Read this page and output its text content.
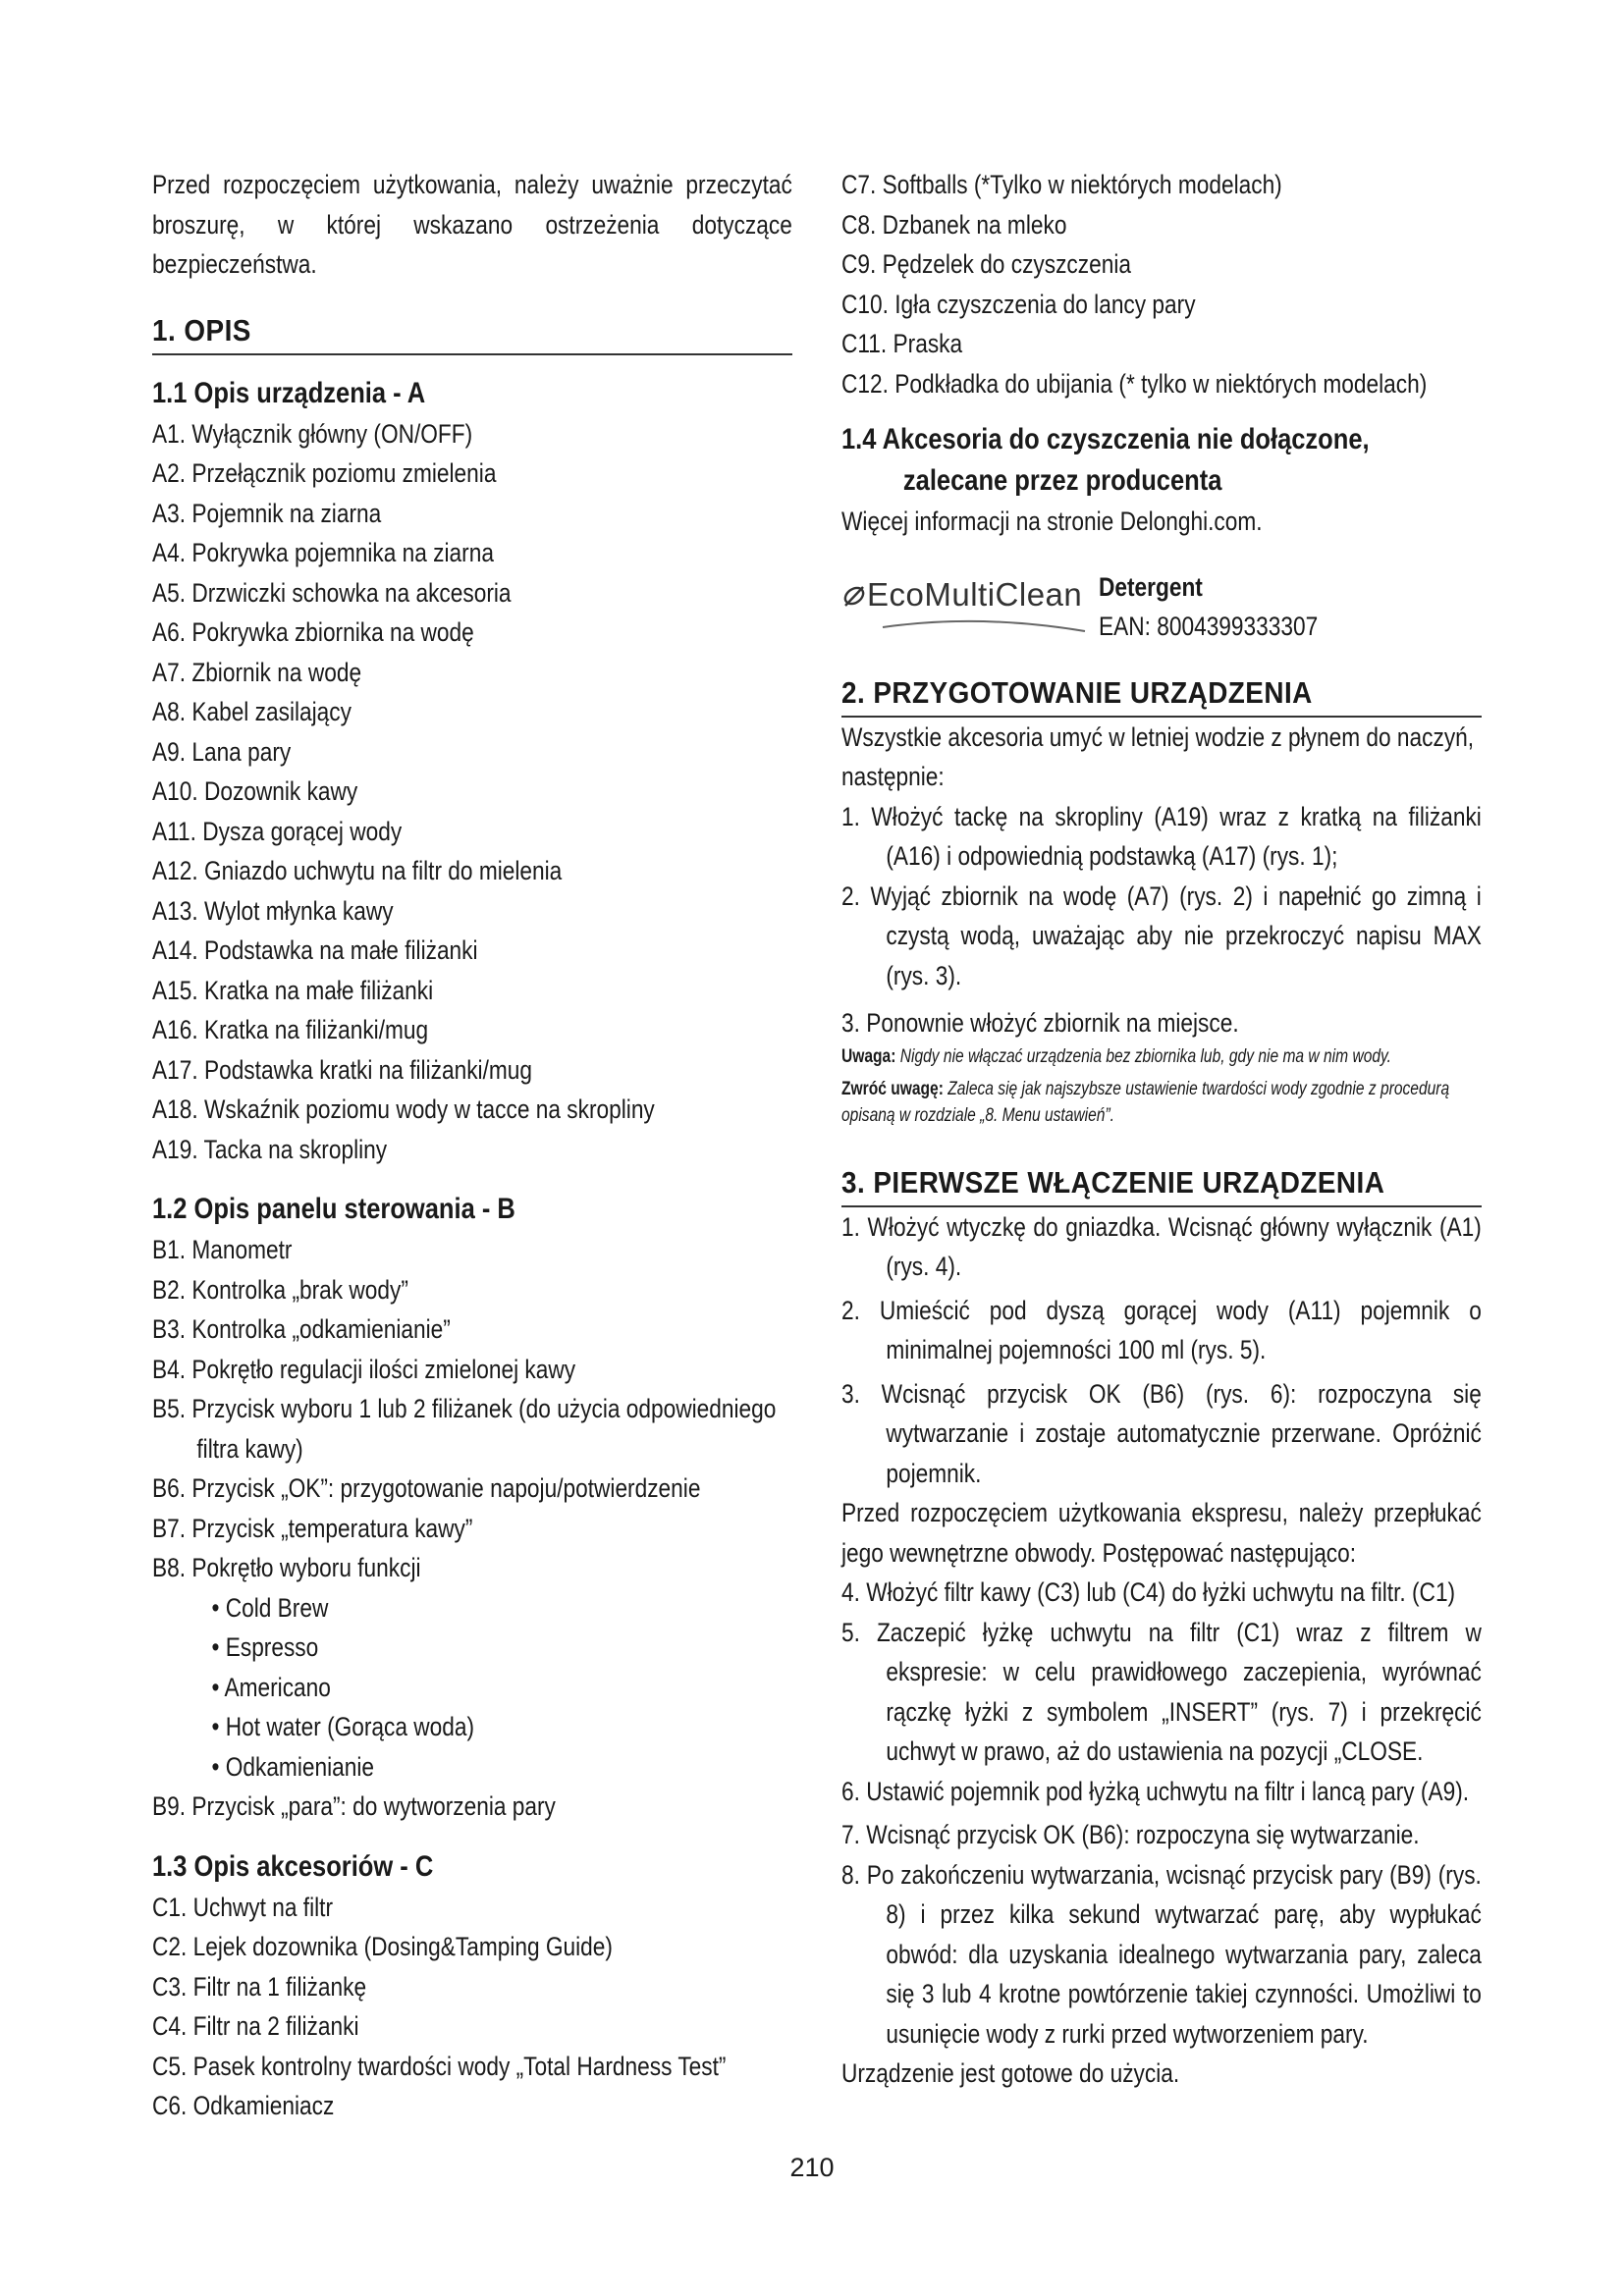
Przed rozpoczęciem użytkowania, należy uważnie przeczytać broszurę, w której wskazano ostrzeżenia dotyczące bezpieczeństwa.
1. OPIS
1.1 Opis urządzenia - A
A1. Wyłącznik główny (ON/OFF)
A2. Przełącznik poziomu zmielenia
A3. Pojemnik na ziarna
A4. Pokrywka pojemnika na ziarna
A5. Drzwiczki schowka na akcesoria
A6. Pokrywka zbiornika na wodę
A7. Zbiornik na wodę
A8. Kabel zasilający
A9. Lana pary
A10. Dozownik kawy
A11. Dysza gorącej wody
A12. Gniazdo uchwytu na filtr do mielenia
A13. Wylot młynka kawy
A14. Podstawka na małe filiżanki
A15. Kratka na małe filiżanki
A16. Kratka na filiżanki/mug
A17. Podstawka kratki na filiżanki/mug
A18. Wskaźnik poziomu wody w tacce na skropliny
A19. Tacka na skropliny
1.2 Opis panelu sterowania - B
B1. Manometr
B2. Kontrolka „brak wody”
B3. Kontrolka „odkamienianie”
B4. Pokrętło regulacji ilości zmielonej kawy
B5. Przycisk wyboru 1 lub 2 filiżanek (do użycia odpowiedniego
filtra kawy)
B6. Przycisk „OK”: przygotowanie napoju/potwierdzenie
B7. Przycisk „temperatura kawy”
B8. Pokrętło wyboru funkcji
• Cold Brew
• Espresso
• Americano
• Hot water (Gorąca woda)
• Odkamienianie
B9. Przycisk „para”: do wytworzenia pary
1.3 Opis akcesoriów - C
C1. Uchwyt na filtr
C2. Lejek dozownika (Dosing&Tamping Guide)
C3. Filtr na 1 filiżankę
C4. Filtr na 2 filiżanki
C5. Pasek kontrolny twardości wody „Total Hardness Test”
C6. Odkamieniacz
C7. Softballs (*Tylko w niektórych modelach)
C8. Dzbanek na mleko
C9. Pędzelek do czyszczenia
C10. Igła czyszczenia do lancy pary
C11. Praska
C12. Podkładka do ubijania (* tylko w niektórych modelach)
1.4 Akcesoria do czyszczenia nie dołączone,
zalecane przez producenta
Więcej informacji na stronie Delonghi.com.
EcoMultiClean Detergent
EAN: 8004399333307
2. PRZYGOTOWANIE URZĄDZENIA
Wszystkie akcesoria umyć w letniej wodzie z płynem do naczyń, następnie:
1. Włożyć tackę na skropliny (A19) wraz z kratką na filiżanki (A16) i odpowiednią podstawką (A17) (rys. 1);
2. Wyjąć zbiornik na wodę (A7) (rys. 2) i napełnić go zimną i czystą wodą, uważając aby nie przekroczyć napisu MAX (rys. 3).
3. Ponownie włożyć zbiornik na miejsce.
Uwaga: Nigdy nie włączać urządzenia bez zbiornika lub, gdy nie ma w nim wody.
Zwróć uwagę: Zaleca się jak najszybsze ustawienie twardości wody zgodnie z procedurą opisaną w rozdziale „8. Menu ustawień”.
3. PIERWSZE WŁĄCZENIE URZĄDZENIA
1. Włożyć wtyczkę do gniazdka. Wcisnąć główny wyłącznik (A1) (rys. 4).
2. Umieścić pod dyszą gorącej wody (A11) pojemnik o minimalnej pojemności 100 ml (rys. 5).
3. Wcisnąć przycisk OK (B6) (rys. 6): rozpoczyna się wytwarzanie i zostaje automatycznie przerwane. Opróżnić pojemnik.
Przed rozpoczęciem użytkowania ekspresu, należy przepłukać jego wewnętrzne obwody. Postępować następująco:
4. Włożyć filtr kawy (C3) lub (C4) do łyżki uchwytu na filtr. (C1)
5. Zaczepić łyżkę uchwytu na filtr (C1) wraz z filtrem w ekspresie: w celu prawidłowego zaczepienia, wyrównać rączkę łyżki z symbolem „INSERT” (rys. 7) i przekręcić uchwyt w prawo, aż do ustawienia na pozycji „CLOSE.
6. Ustawić pojemnik pod łyżką uchwytu na filtr i lancą pary (A9).
7. Wcisnąć przycisk OK (B6): rozpoczyna się wytwarzanie.
8. Po zakończeniu wytwarzania, wcisnąć przycisk pary (B9) (rys. 8) i przez kilka sekund wytwarzać parę, aby wypłukać obwód: dla uzyskania idealnego wytwarzania pary, zaleca się 3 lub 4 krotne powtórzenie takiej czynności. Umożliwi to usunięcie wody z rurki przed wytworzeniem pary.
Urządzenie jest gotowe do użycia.
210
